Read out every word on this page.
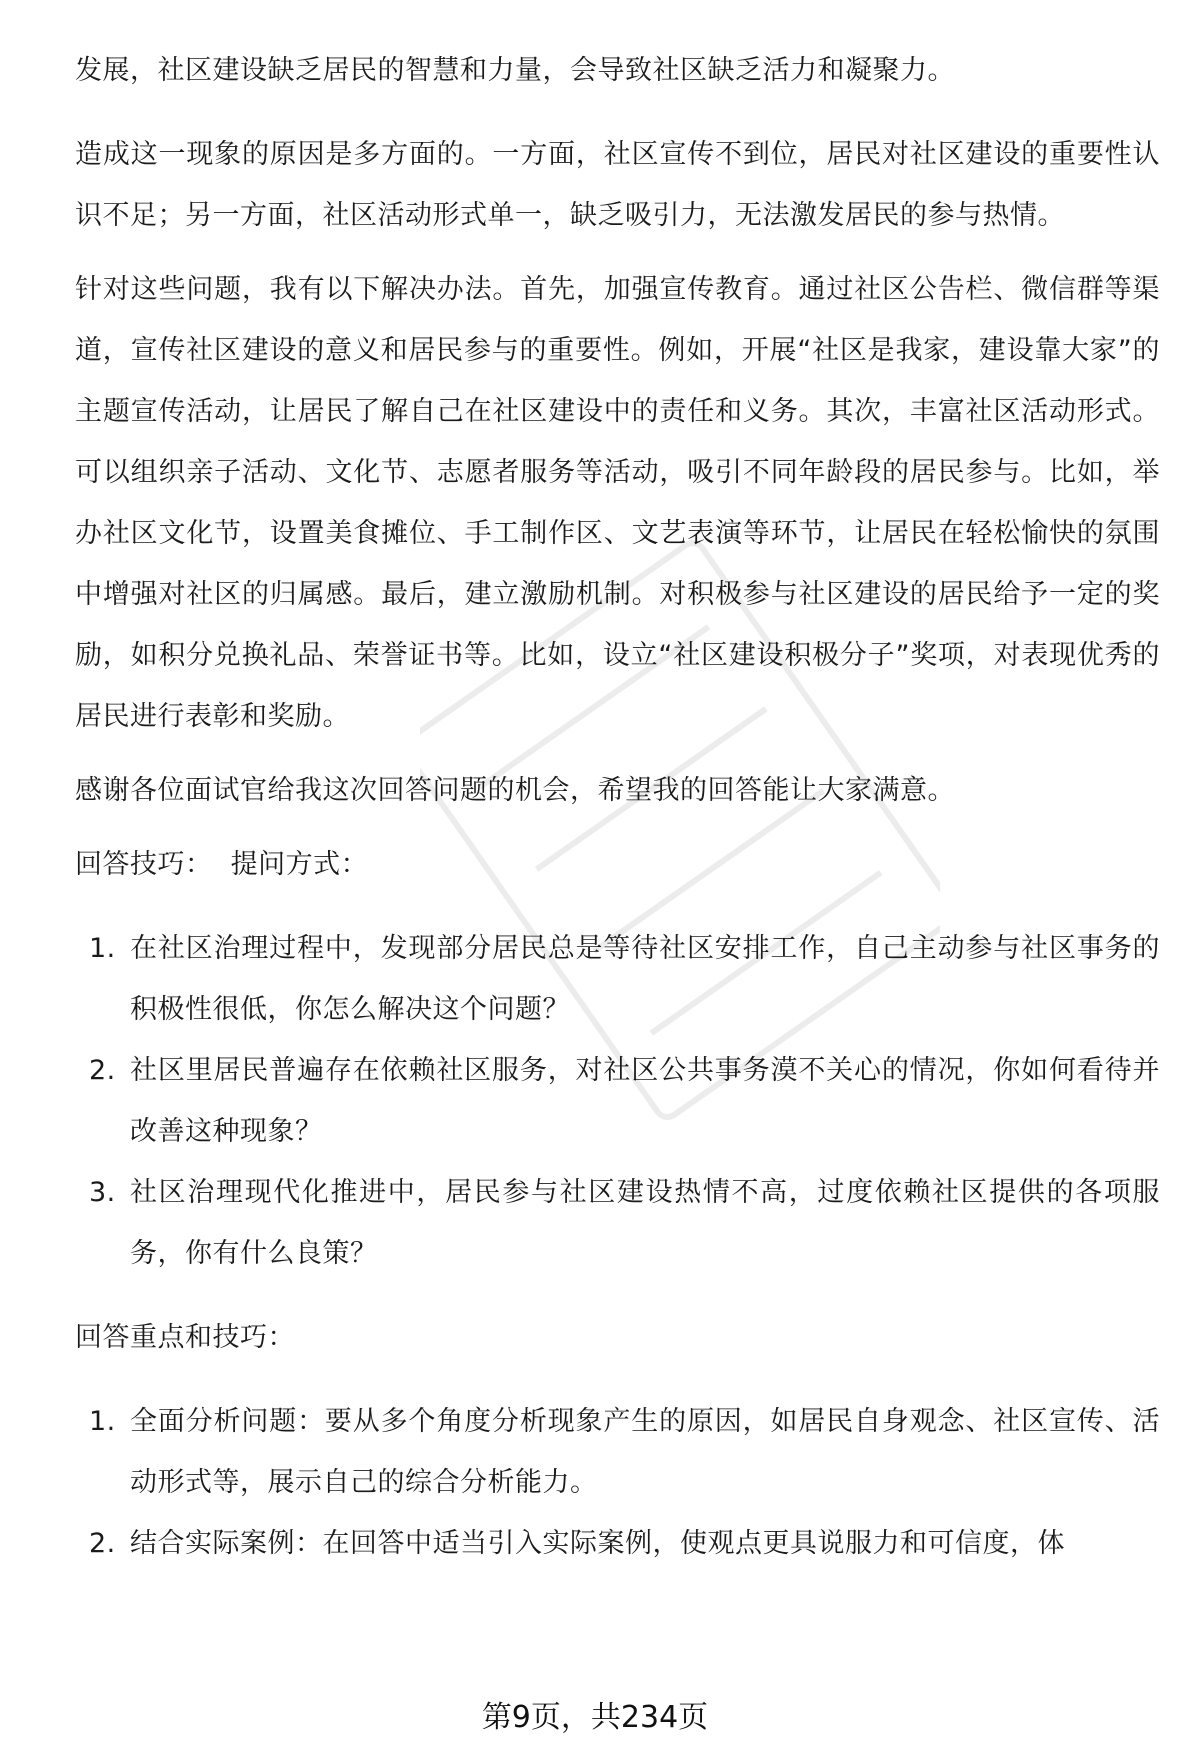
发展，社区建设缺乏居民的智慧和力量，会导致社区缺乏活力和凝聚力。

造成这一现象的原因是多方面的。一方面，社区宣传不到位，居民对社区建设的重要性认识不足；另一方面，社区活动形式单一，缺乏吸引力，无法激发居民的参与热情。

针对这些问题，我有以下解决办法。首先，加强宣传教育。通过社区公告栏、微信群等渠道，宣传社区建设的意义和居民参与的重要性。例如，开展“社区是我家，建设靠大家”的主题宣传活动，让居民了解自己在社区建设中的责任和义务。其次，丰富社区活动形式。可以组织亲子活动、文化节、志愿者服务等活动，吸引不同年龄段的居民参与。比如，举办社区文化节，设置美食摊位、手工制作区、文艺表演等环节，让居民在轻松愉快的氛围中增强对社区的归属感。最后，建立激励机制。对积极参与社区建设的居民给予一定的奖励，如积分兑换礼品、荣誉证书等。比如，设立“社区建设积极分子”奖项，对表现优秀的居民进行表彰和奖励。

感谢各位面试官给我这次回答问题的机会，希望我的回答能让大家满意。

回答技巧：  提问方式：

1. 在社区治理过程中，发现部分居民总是等待社区安排工作，自己主动参与社区事务的积极性很低，你怎么解决这个问题？
2. 社区里居民普遍存在依赖社区服务，对社区公共事务漠不关心的情况，你如何看待并改善这种现象？
3. 社区治理现代化推进中，居民参与社区建设热情不高，过度依赖社区提供的各项服务，你有什么良策？

回答重点和技巧：

1. 全面分析问题：要从多个角度分析现象产生的原因，如居民自身观念、社区宣传、活动形式等，展示自己的综合分析能力。
2. 结合实际案例：在回答中适当引入实际案例，使观点更具说服力和可信度，体
第9页，共234页
